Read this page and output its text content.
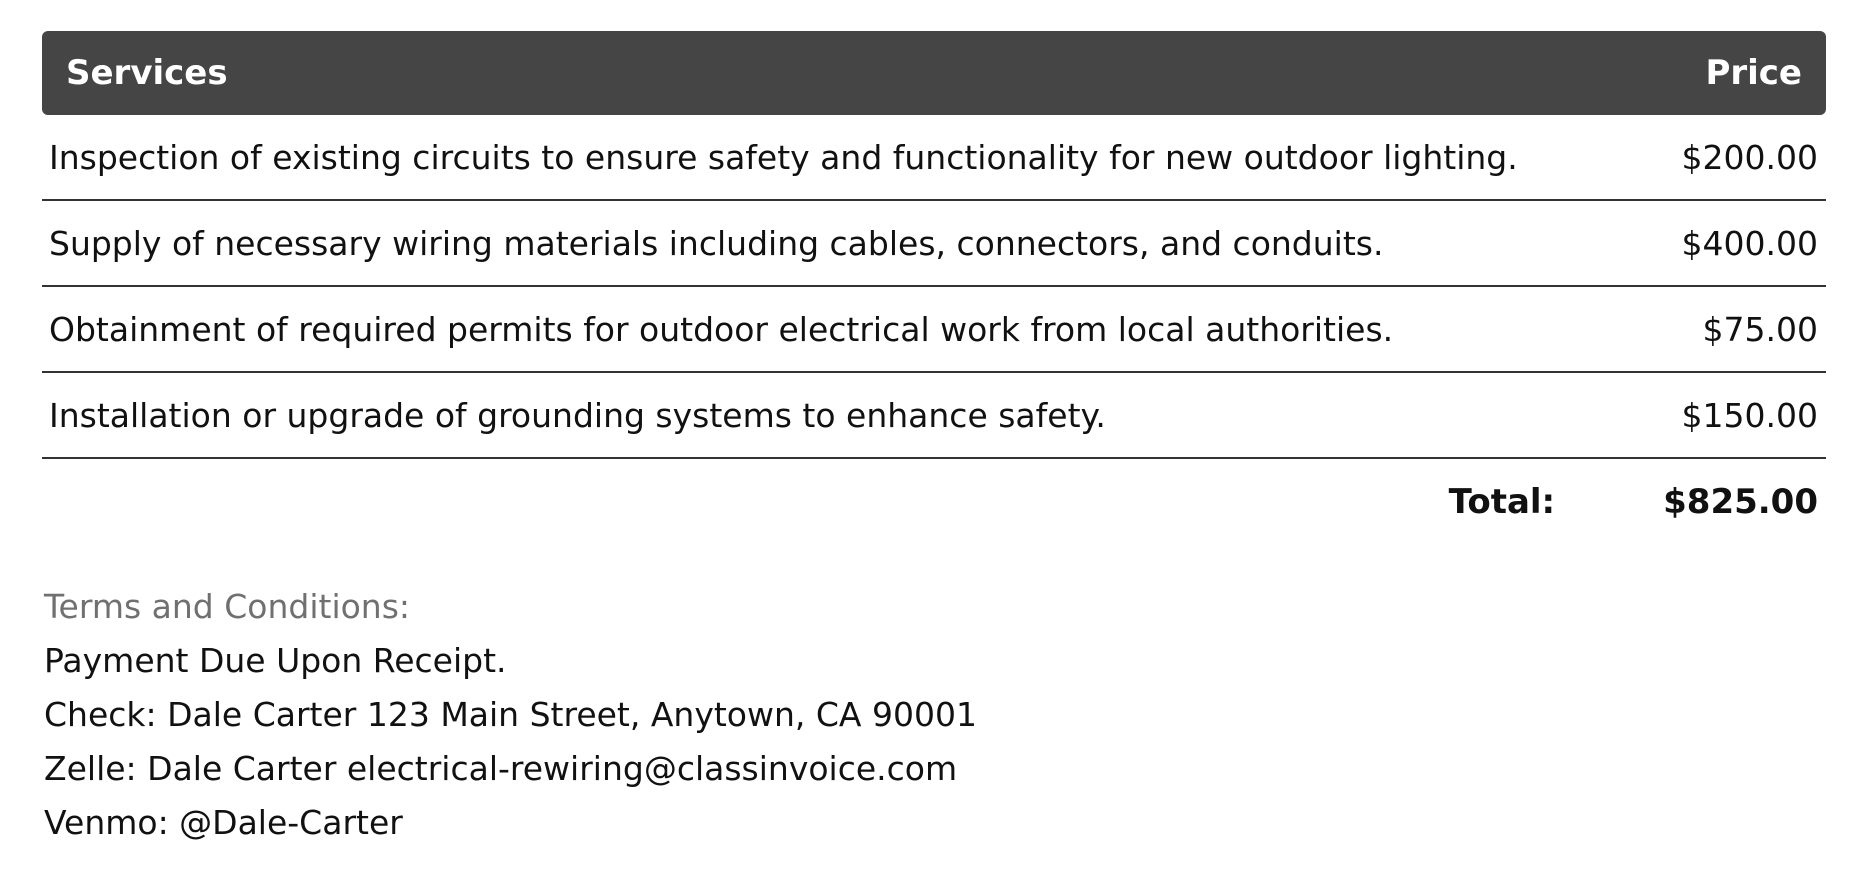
Services	Price
Inspection of existing circuits to ensure safety and functionality for new outdoor lighting.	$200.00
Supply of necessary wiring materials including cables, connectors, and conduits.	$400.00
Obtainment of required permits for outdoor electrical work from local authorities.	$75.00
Installation or upgrade of grounding systems to enhance safety.	$150.00
Total:	$825.00
Terms and Conditions:
Payment Due Upon Receipt.
Check: Dale Carter 123 Main Street, Anytown, CA 90001
Zelle: Dale Carter electrical-rewiring@classinvoice.com
Venmo: @Dale-Carter
